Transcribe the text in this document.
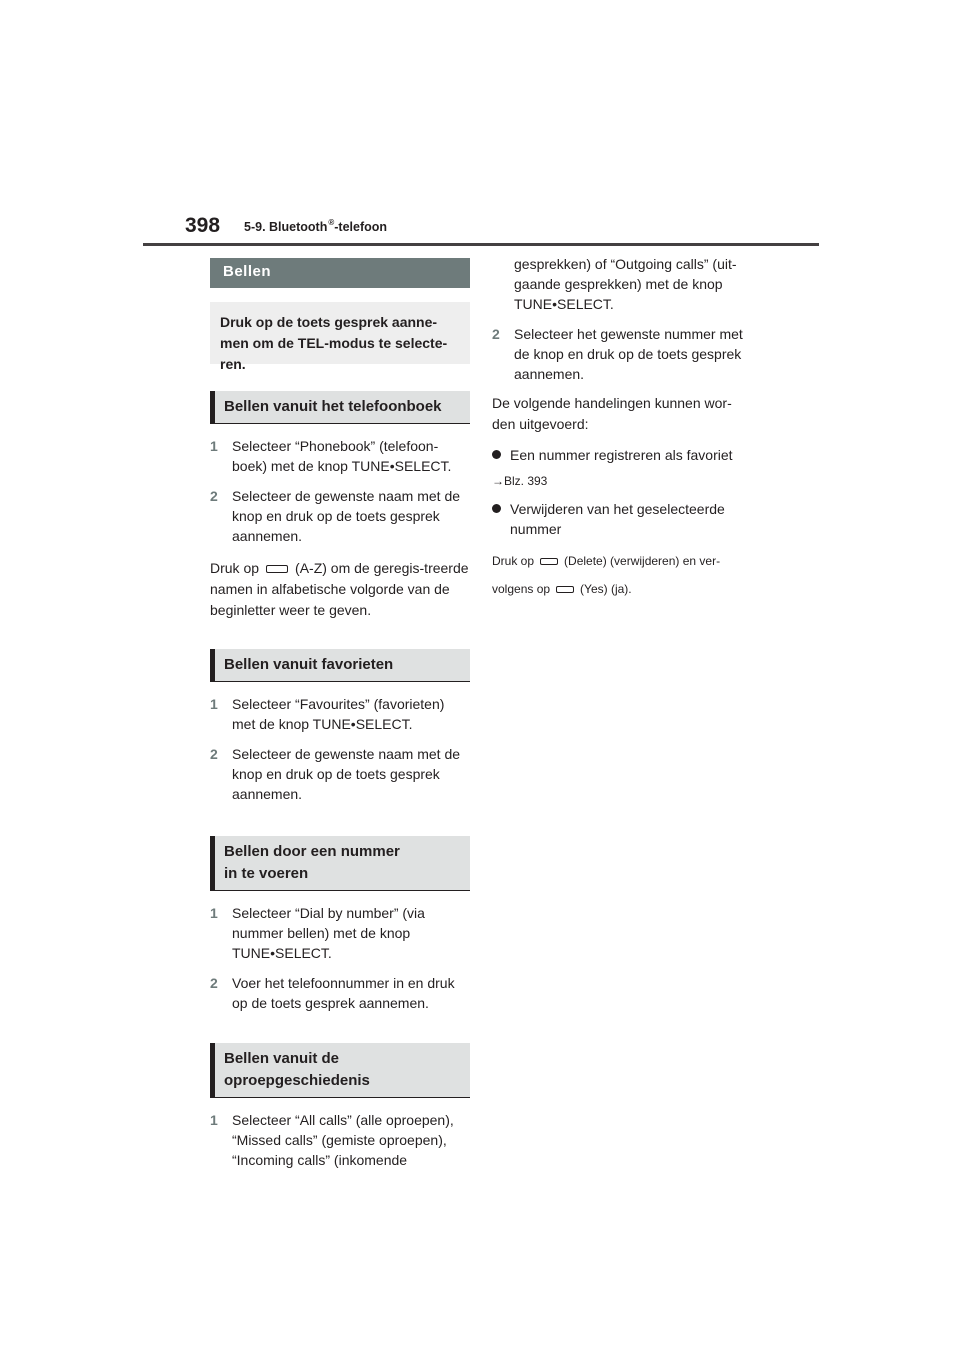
398 5-9. Bluetooth®-telefoon
Bellen
Druk op de toets gesprek aanne-men om de TEL-modus te selecte-ren.
Bellen vanuit het telefoonboek
1 Selecteer “Phonebook” (telefoon-boek) met de knop TUNE•SELECT.
2 Selecteer de gewenste naam met de knop en druk op de toets gesprek aannemen.
Druk op	(A-Z) om de geregis-treerde namen in alfabetische volgorde van de beginletter weer te geven.
Bellen vanuit favorieten
1 Selecteer “Favourites” (favorieten) met de knop TUNE•SELECT.
2 Selecteer de gewenste naam met de knop en druk op de toets gesprek aannemen.
Bellen door een nummer
in te voeren
1 Selecteer “Dial by number” (via nummer bellen) met de knop TUNE•SELECT.
2 Voer het telefoonnummer in en druk op de toets gesprek aannemen.
Bellen vanuit de
oproepgeschiedenis
1 Selecteer “All calls” (alle oproepen), “Missed calls” (gemiste oproepen), “Incoming calls” (inkomende
gesprekken) of “Outgoing calls” (uit-gaande gesprekken) met de knop TUNE•SELECT.
2 Selecteer het gewenste nummer met de knop en druk op de toets gesprek aannemen.
De volgende handelingen kunnen wor-den uitgevoerd:
Een nummer registreren als favoriet
→Blz. 393
Verwijderen van het geselecteerde nummer
Druk op	(Delete) (verwijderen) en ver-
volgens op	(Yes) (ja).
